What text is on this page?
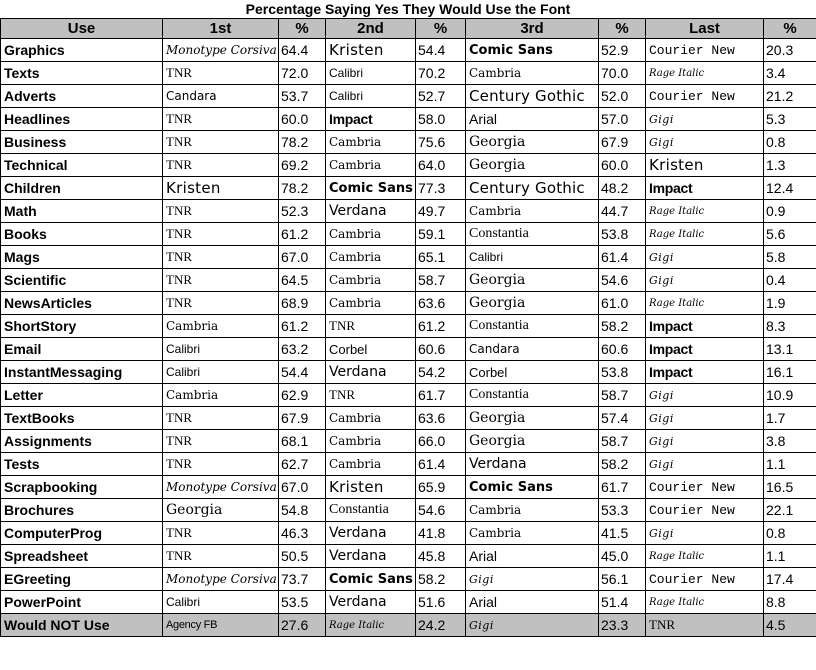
Percentage Saying Yes They Would Use the Font
Use	1st	%	2nd	%	3rd	%	Last	%
Graphics	Monotype Corsiva	64.4	Kristen	54.4	Comic Sans	52.9	Courier New	20.3
Texts	TNR	72.0	Calibri	70.2	Cambria	70.0	Rage Italic	3.4
Adverts	Candara	53.7	Calibri	52.7	Century Gothic	52.0	Courier New	21.2
Headlines	TNR	60.0	Impact	58.0	Arial	57.0	Gigi	5.3
Business	TNR	78.2	Cambria	75.6	Georgia	67.9	Gigi	0.8
Technical	TNR	69.2	Cambria	64.0	Georgia	60.0	Kristen	1.3
Children	Kristen	78.2	Comic Sans	77.3	Century Gothic	48.2	Impact	12.4
Math	TNR	52.3	Verdana	49.7	Cambria	44.7	Rage Italic	0.9
Books	TNR	61.2	Cambria	59.1	Constantia	53.8	Rage Italic	5.6
Mags	TNR	67.0	Cambria	65.1	Calibri	61.4	Gigi	5.8
Scientific	TNR	64.5	Cambria	58.7	Georgia	54.6	Gigi	0.4
NewsArticles	TNR	68.9	Cambria	63.6	Georgia	61.0	Rage Italic	1.9
ShortStory	Cambria	61.2	TNR	61.2	Constantia	58.2	Impact	8.3
Email	Calibri	63.2	Corbel	60.6	Candara	60.6	Impact	13.1
InstantMessaging	Calibri	54.4	Verdana	54.2	Corbel	53.8	Impact	16.1
Letter	Cambria	62.9	TNR	61.7	Constantia	58.7	Gigi	10.9
TextBooks	TNR	67.9	Cambria	63.6	Georgia	57.4	Gigi	1.7
Assignments	TNR	68.1	Cambria	66.0	Georgia	58.7	Gigi	3.8
Tests	TNR	62.7	Cambria	61.4	Verdana	58.2	Gigi	1.1
Scrapbooking	Monotype Corsiva	67.0	Kristen	65.9	Comic Sans	61.7	Courier New	16.5
Brochures	Georgia	54.8	Constantia	54.6	Cambria	53.3	Courier New	22.1
ComputerProg	TNR	46.3	Verdana	41.8	Cambria	41.5	Gigi	0.8
Spreadsheet	TNR	50.5	Verdana	45.8	Arial	45.0	Rage Italic	1.1
EGreeting	Monotype Corsiva	73.7	Comic Sans	58.2	Gigi	56.1	Courier New	17.4
PowerPoint	Calibri	53.5	Verdana	51.6	Arial	51.4	Rage Italic	8.8
Would NOT Use	Agency FB	27.6	Rage Italic	24.2	Gigi	23.3	TNR	4.5
